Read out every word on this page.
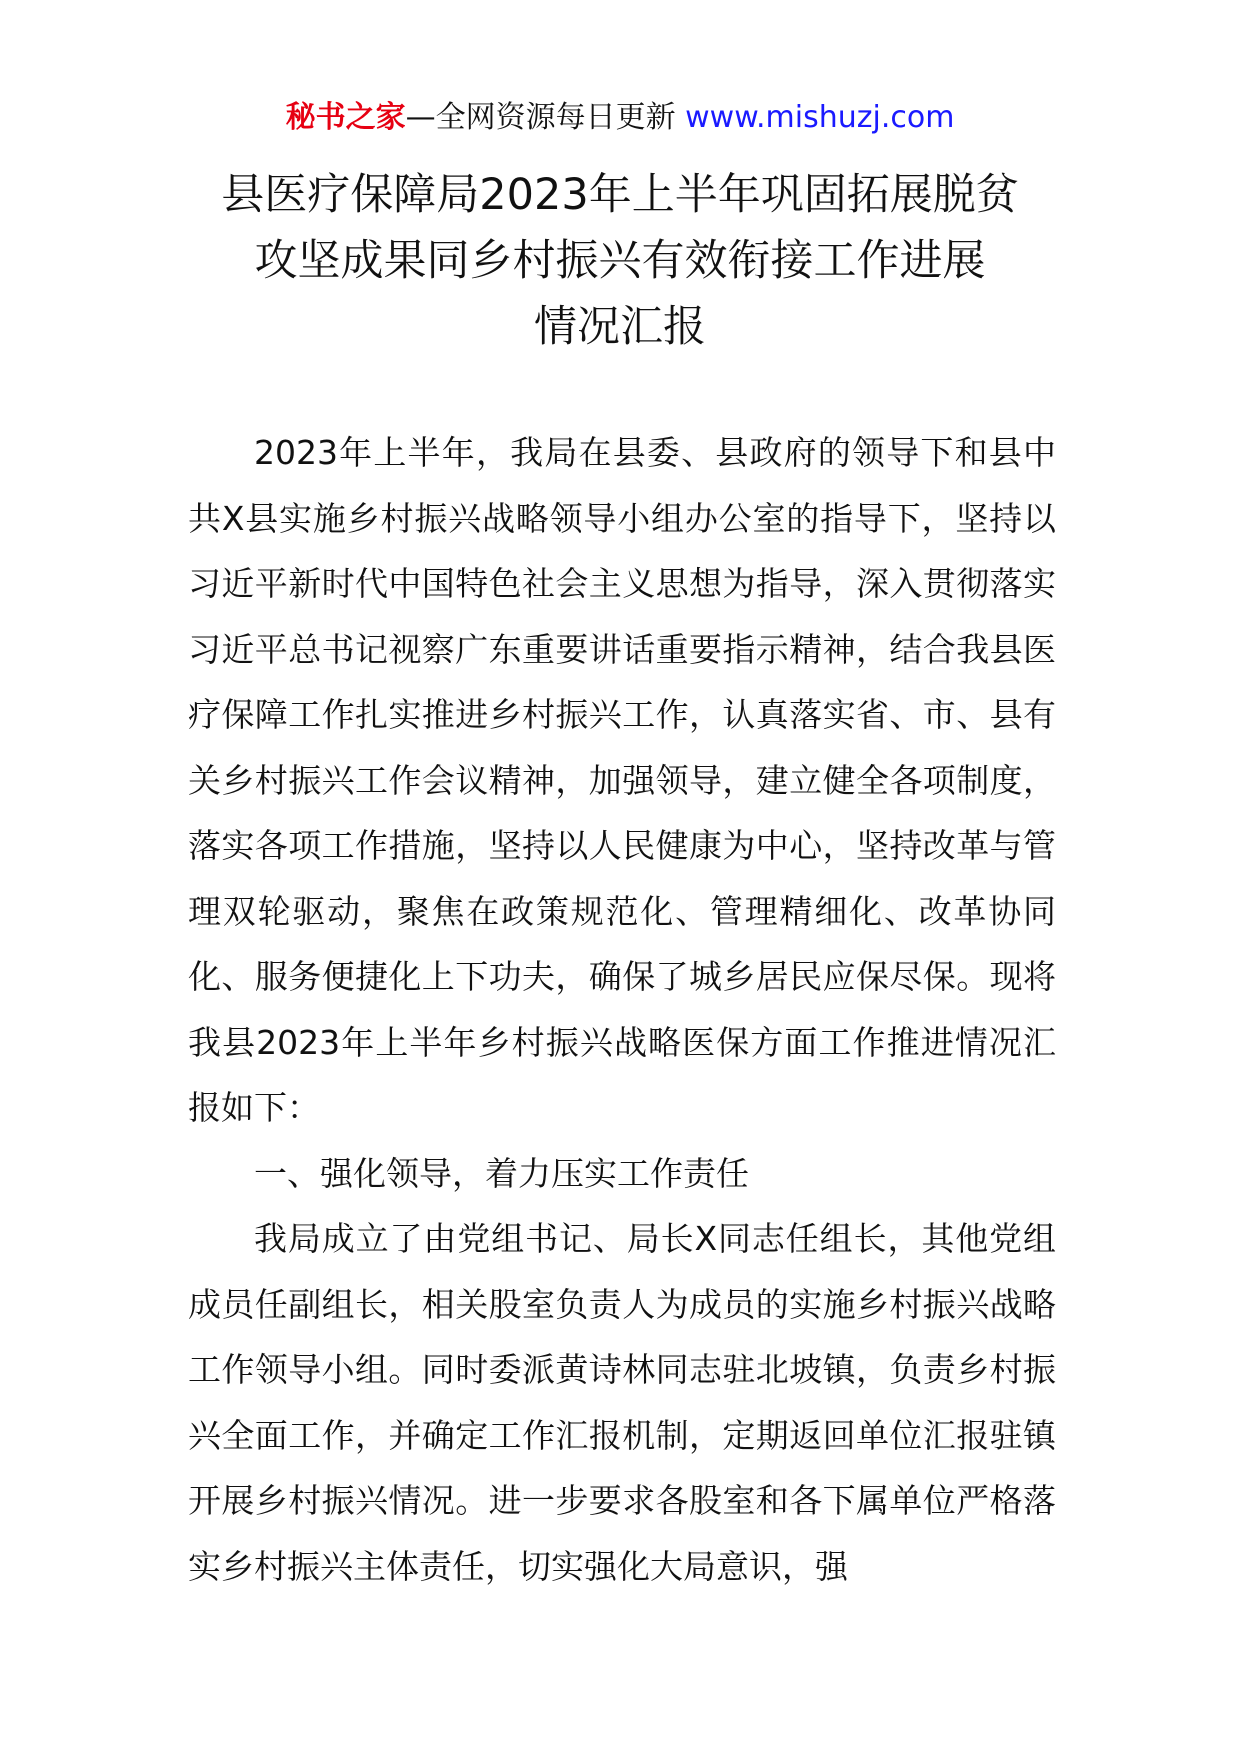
秘书之家—全网资源每日更新 www.mishuzj.com
县医疗保障局2023年上半年巩固拓展脱贫
攻坚成果同乡村振兴有效衔接工作进展
情况汇报

2023年上半年，我局在县委、县政府的领导下和县中共X县实施乡村振兴战略领导小组办公室的指导下，坚持以习近平新时代中国特色社会主义思想为指导，深入贯彻落实习近平总书记视察广东重要讲话重要指示精神，结合我县医疗保障工作扎实推进乡村振兴工作，认真落实省、市、县有关乡村振兴工作会议精神，加强领导，建立健全各项制度，落实各项工作措施，坚持以人民健康为中心，坚持改革与管理双轮驱动，聚焦在政策规范化、管理精细化、改革协同化、服务便捷化上下功夫，确保了城乡居民应保尽保。现将我县2023年上半年乡村振兴战略医保方面工作推进情况汇报如下：

一、强化领导，着力压实工作责任

我局成立了由党组书记、局长X同志任组长，其他党组成员任副组长，相关股室负责人为成员的实施乡村振兴战略工作领导小组。同时委派黄诗林同志驻北坡镇，负责乡村振兴全面工作，并确定工作汇报机制，定期返回单位汇报驻镇开展乡村振兴情况。进一步要求各股室和各下属单位严格落实乡村振兴主体责任，切实强化大局意识，强
